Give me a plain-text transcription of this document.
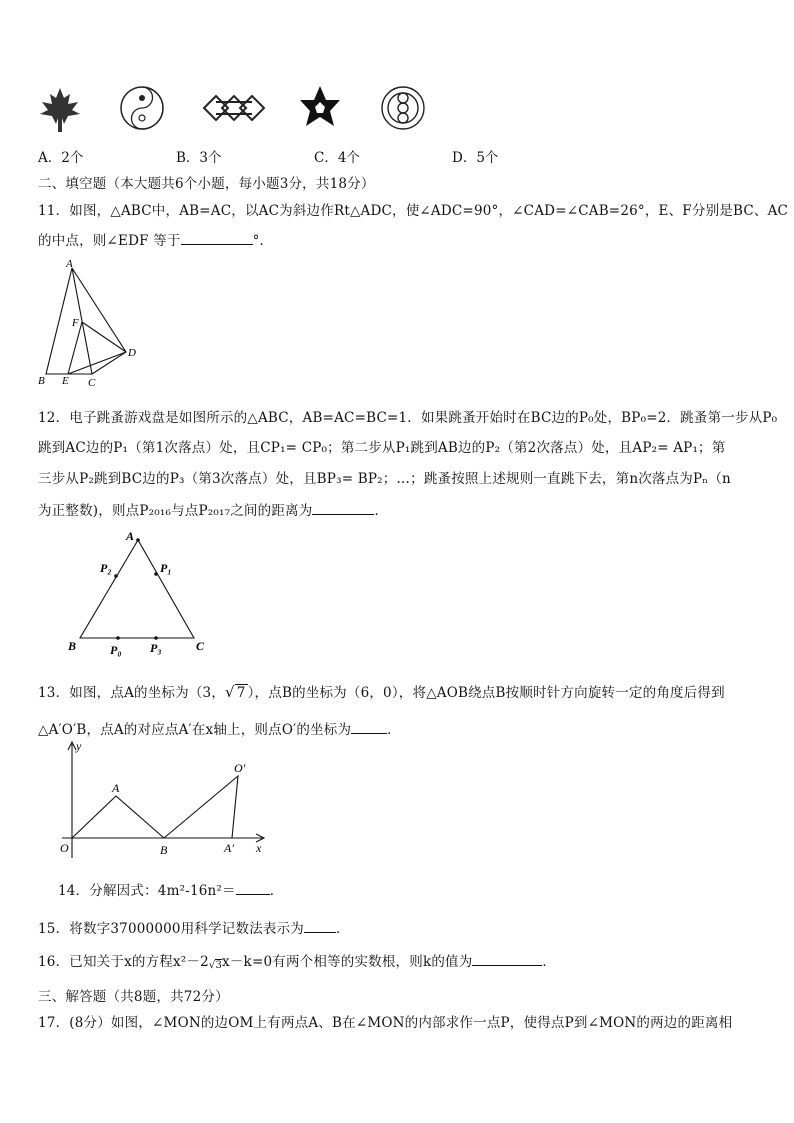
A．2个	B．3个	C．4个	D．5个
二、填空题（本大题共6个小题，每小题3分，共18分）
11．如图，△ABC中，AB=AC，以AC为斜边作Rt△ADC，使∠ADC=90°，∠CAD=∠CAB=26°，E、F分别是BC、AC
的中点，则∠EDF 等于	°．
A
F
D
B E C
12．电子跳蚤游戏盘是如图所示的△ABC，AB=AC=BC=1．如果跳蚤开始时在BC边的P₀处，BP₀=2．跳蚤第一步从P₀
跳到AC边的P₁（第1次落点）处，且CP₁= CP₀；第二步从P₁跳到AB边的P₂（第2次落点）处，且AP₂= AP₁；第
三步从P₂跳到BC边的P₃（第3次落点）处，且BP₃= BP₂；…；跳蚤按照上述规则一直跳下去，第n次落点为Pₙ（n
为正整数)，则点P₂₀₁₆与点P₂₀₁₇之间的距离为	．
A
P₂	P₁
B	P₀ P₃	C
13．如图，点A的坐标为（3，√ 7 ），点B的坐标为（6，0），将△AOB绕点B按顺时针方向旋转一定的角度后得到
△A′O′B，点A的对应点A′在x轴上，则点O′的坐标为	．
y
x
O
A
B	A′
O′
14．分解因式：4m²-16n²＝	．
15．将数字37000000用科学记数法表示为 ．
16．已知关于x的方程x²－2√3x－k=0有两个相等的实数根，则k的值为	．
三、解答题（共8题，共72分）
17．(8分）如图，∠MON的边OM上有两点A、B在∠MON的内部求作一点P，使得点P到∠MON的两边的距离相
